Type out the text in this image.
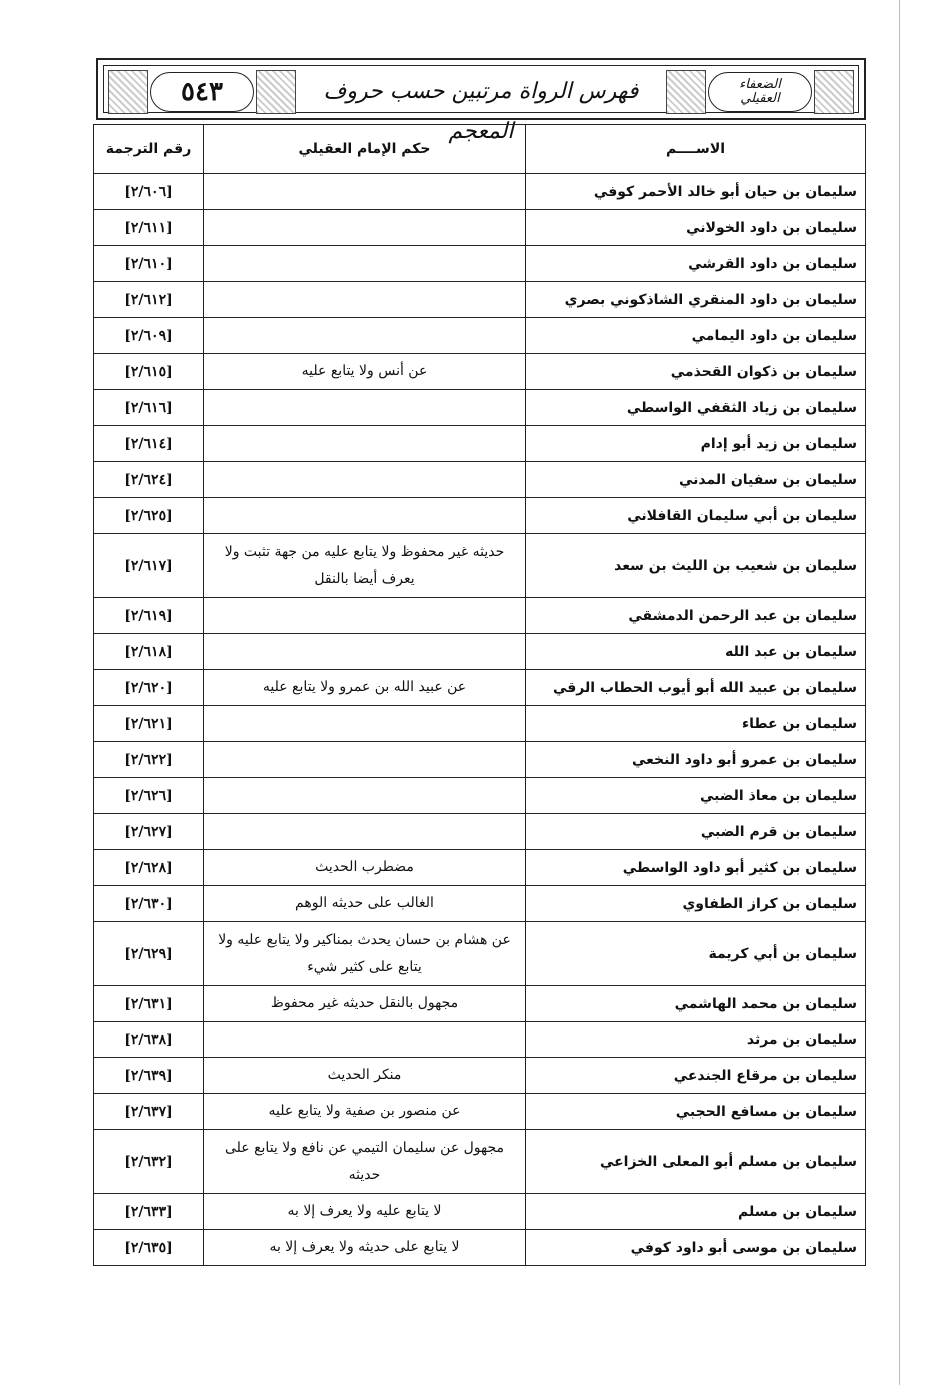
٥٤٣	فهرس الرواة مرتبين حسب حروف المعجم
الضعفاء
العقيلي
الاســــم	حكم الإمام العقيلي	رقم الترجمة
سليمان بن حيان أبو خالد الأحمر كوفي		[٢/٦٠٦]
سليمان بن داود الخولاني		[٢/٦١١]
سليمان بن داود القرشي		[٢/٦١٠]
سليمان بن داود المنقري الشاذكوني بصري		[٢/٦١٢]
سليمان بن داود اليمامي		[٢/٦٠٩]
سليمان بن ذكوان القحذمي	عن أنس ولا يتابع عليه	[٢/٦١٥]
سليمان بن زياد الثقفي الواسطي		[٢/٦١٦]
سليمان بن زيد أبو إدام		[٢/٦١٤]
سليمان بن سفيان المدني		[٢/٦٢٤]
سليمان بن أبي سليمان القافلاني		[٢/٦٢٥]
سليمان بن شعيب بن الليث بن سعد	حديثه غير محفوظ ولا يتابع عليه من جهة تثبت ولا يعرف أيضا بالنقل	[٢/٦١٧]
سليمان بن عبد الرحمن الدمشقي		[٢/٦١٩]
سليمان بن عبد الله		[٢/٦١٨]
سليمان بن عبيد الله أبو أيوب الحطاب الرقي	عن عبيد الله بن عمرو ولا يتابع عليه	[٢/٦٢٠]
سليمان بن عطاء		[٢/٦٢١]
سليمان بن عمرو أبو داود النخعي		[٢/٦٢٢]
سليمان بن معاذ الضبي		[٢/٦٢٦]
سليمان بن قرم الضبي		[٢/٦٢٧]
سليمان بن كثير أبو داود الواسطي	مضطرب الحديث	[٢/٦٢٨]
سليمان بن كراز الطفاوي	الغالب على حديثه الوهم	[٢/٦٣٠]
سليمان بن أبي كريمة	عن هشام بن حسان يحدث بمناكير ولا يتابع عليه ولا يتابع على كثير شيء	[٢/٦٢٩]
سليمان بن محمد الهاشمي	مجهول بالنقل حديثه غير محفوظ	[٢/٦٣١]
سليمان بن مرثد		[٢/٦٣٨]
سليمان بن مرقاع الجندعي	منكر الحديث	[٢/٦٣٩]
سليمان بن مسافع الحجبي	عن منصور بن صفية ولا يتابع عليه	[٢/٦٣٧]
سليمان بن مسلم أبو المعلى الخزاعي	مجهول عن سليمان التيمي عن نافع ولا يتابع على حديثه	[٢/٦٣٢]
سليمان بن مسلم	لا يتابع عليه ولا يعرف إلا به	[٢/٦٣٣]
سليمان بن موسى أبو داود كوفي	لا يتابع على حديثه ولا يعرف إلا به	[٢/٦٣٥]
